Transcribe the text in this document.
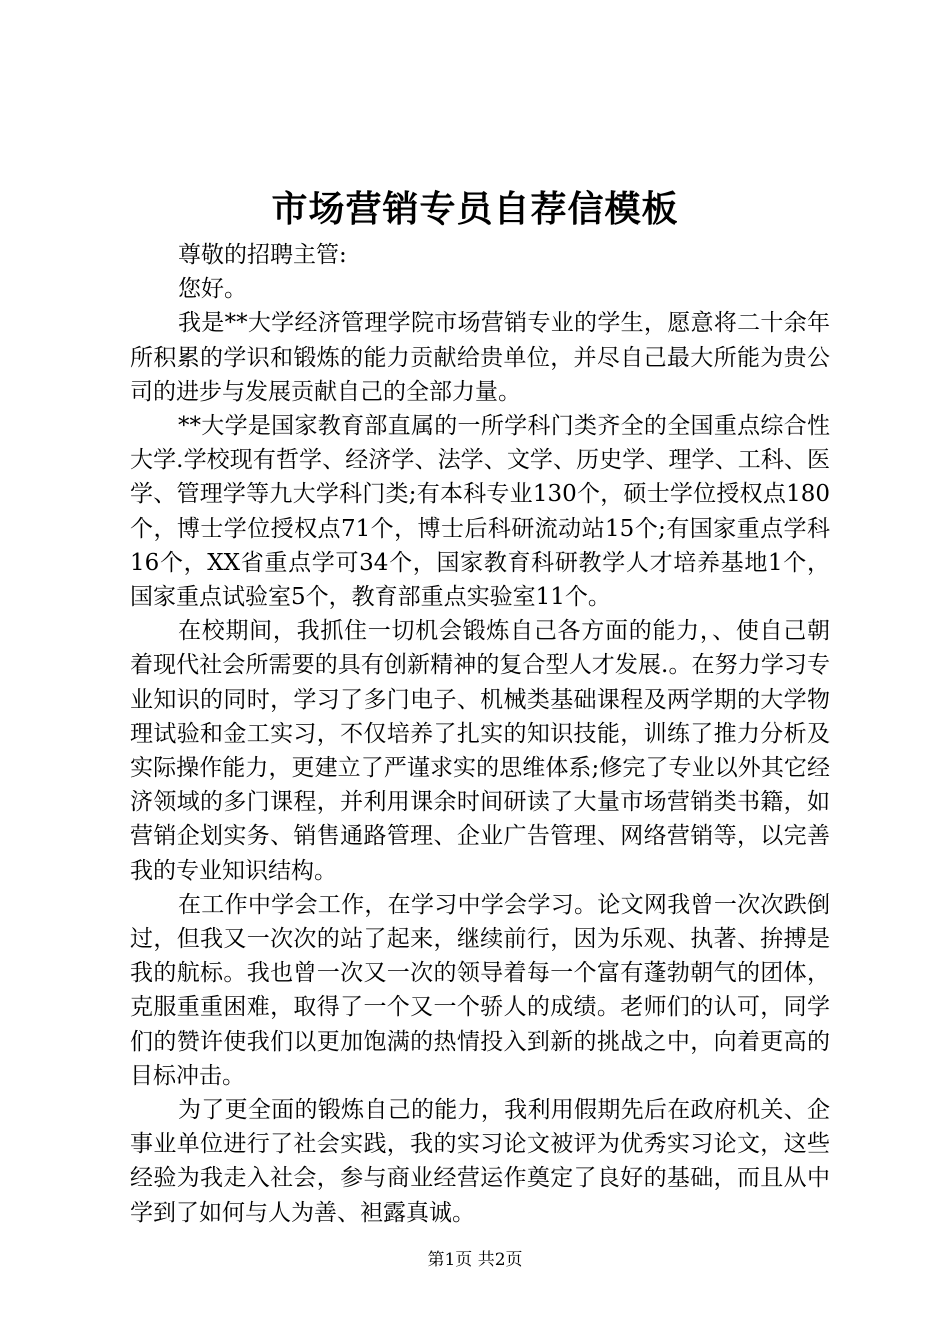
市场营销专员自荐信模板

尊敬的招聘主管:

您好。

我是**大学经济管理学院市场营销专业的学生，愿意将二十余年所积累的学识和锻炼的能力贡献给贵单位，并尽自己最大所能为贵公司的进步与发展贡献自己的全部力量。

**大学是国家教育部直属的一所学科门类齐全的全国重点综合性大学.学校现有哲学、经济学、法学、文学、历史学、理学、工科、医学、管理学等九大学科门类;有本科专业130个，硕士学位授权点180个，博士学位授权点71个，博士后科研流动站15个;有国家重点学科16个，XX省重点学可34个，国家教育科研教学人才培养基地1个，国家重点试验室5个，教育部重点实验室11个。

在校期间，我抓住一切机会锻炼自己各方面的能力，、使自己朝着现代社会所需要的具有创新精神的复合型人才发展.。在努力学习专业知识的同时，学习了多门电子、机械类基础课程及两学期的大学物理试验和金工实习，不仅培养了扎实的知识技能，训练了推力分析及实际操作能力，更建立了严谨求实的思维体系;修完了专业以外其它经济领域的多门课程，并利用课余时间研读了大量市场营销类书籍，如营销企划实务、销售通路管理、企业广告管理、网络营销等，以完善我的专业知识结构。

在工作中学会工作，在学习中学会学习。论文网我曾一次次跌倒过，但我又一次次的站了起来，继续前行，因为乐观、执著、拚搏是我的航标。我也曾一次又一次的领导着每一个富有蓬勃朝气的团体，克服重重困难，取得了一个又一个骄人的成绩。老师们的认可，同学们的赞许使我们以更加饱满的热情投入到新的挑战之中，向着更高的目标冲击。

为了更全面的锻炼自己的能力，我利用假期先后在政府机关、企事业单位进行了社会实践，我的实习论文被评为优秀实习论文，这些经验为我走入社会，参与商业经营运作奠定了良好的基础，而且从中学到了如何与人为善、袒露真诚。

第1页 共2页
